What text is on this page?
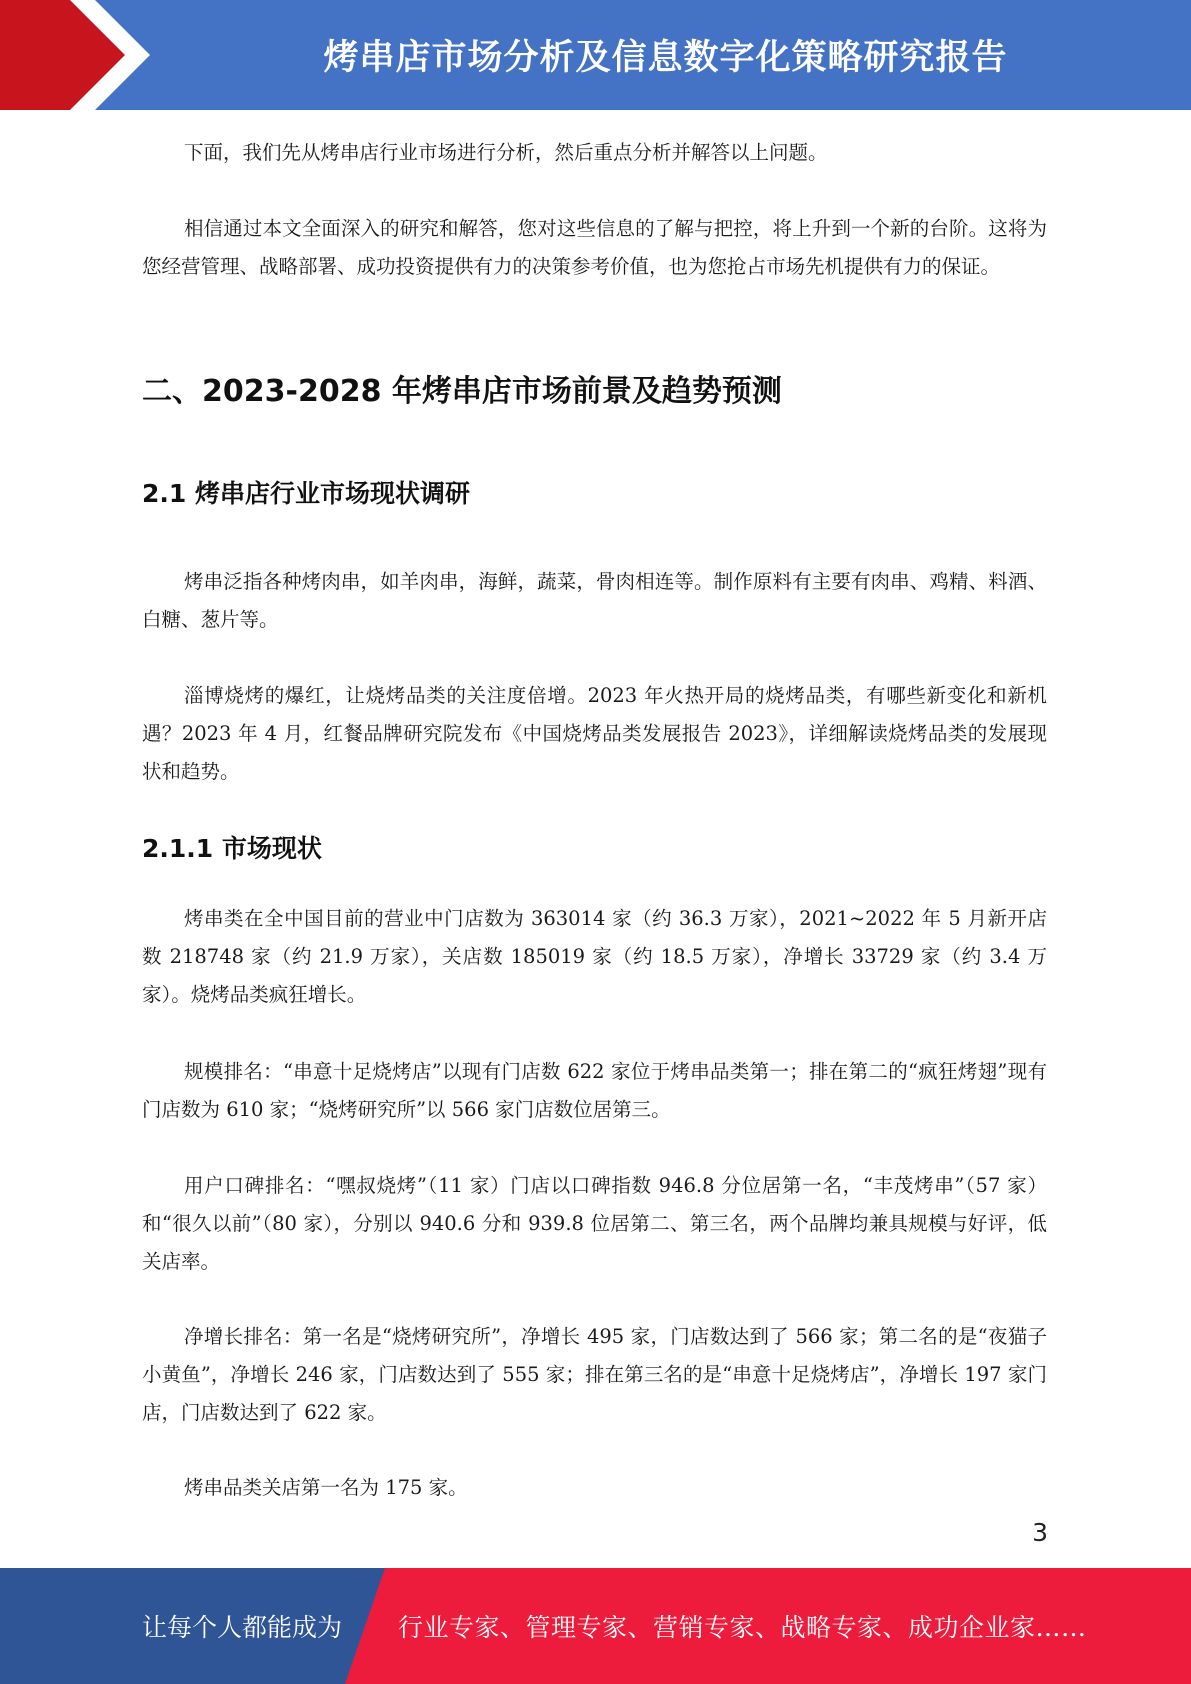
烤串店市场分析及信息数字化策略研究报告

下面，我们先从烤串店行业市场进行分析，然后重点分析并解答以上问题。

相信通过本文全面深入的研究和解答，您对这些信息的了解与把控，将上升到一个新的台阶。这将为您经营管理、战略部署、成功投资提供有力的决策参考价值，也为您抢占市场先机提供有力的保证。

二、2023-2028 年烤串店市场前景及趋势预测
2.1 烤串店行业市场现状调研

烤串泛指各种烤肉串，如羊肉串，海鲜，蔬菜，骨肉相连等。制作原料有主要有肉串、鸡精、料酒、白糖、葱片等。

淄博烧烤的爆红，让烧烤品类的关注度倍增。2023 年火热开局的烧烤品类，有哪些新变化和新机遇？2023 年 4 月，红餐品牌研究院发布《中国烧烤品类发展报告 2023》，详细解读烧烤品类的发展现状和趋势。

2.1.1 市场现状

烤串类在全中国目前的营业中门店数为 363014 家（约 36.3 万家），2021~2022 年 5 月新开店数 218748 家（约 21.9 万家），关店数 185019 家（约 18.5 万家），净增长 33729 家（约 3.4 万家）。烧烤品类疯狂增长。

规模排名：“串意十足烧烤店”以现有门店数 622 家位于烤串品类第一；排在第二的“疯狂烤翅”现有门店数为 610 家；“烧烤研究所”以 566 家门店数位居第三。

用户口碑排名：“嘿叔烧烤”（11 家）门店以口碑指数 946.8 分位居第一名，“丰茂烤串”（57 家）和“很久以前”（80 家），分别以 940.6 分和 939.8 位居第二、第三名，两个品牌均兼具规模与好评，低关店率。

净增长排名：第一名是“烧烤研究所”，净增长 495 家，门店数达到了 566 家；第二名的是“夜猫子小黄鱼”，净增长 246 家，门店数达到了 555 家；排在第三名的是“串意十足烧烤店”，净增长 197 家门店，门店数达到了 622 家。

烤串品类关店第一名为 175 家。

3
让每个人都能成为 行业专家、管理专家、营销专家、战略专家、成功企业家……
